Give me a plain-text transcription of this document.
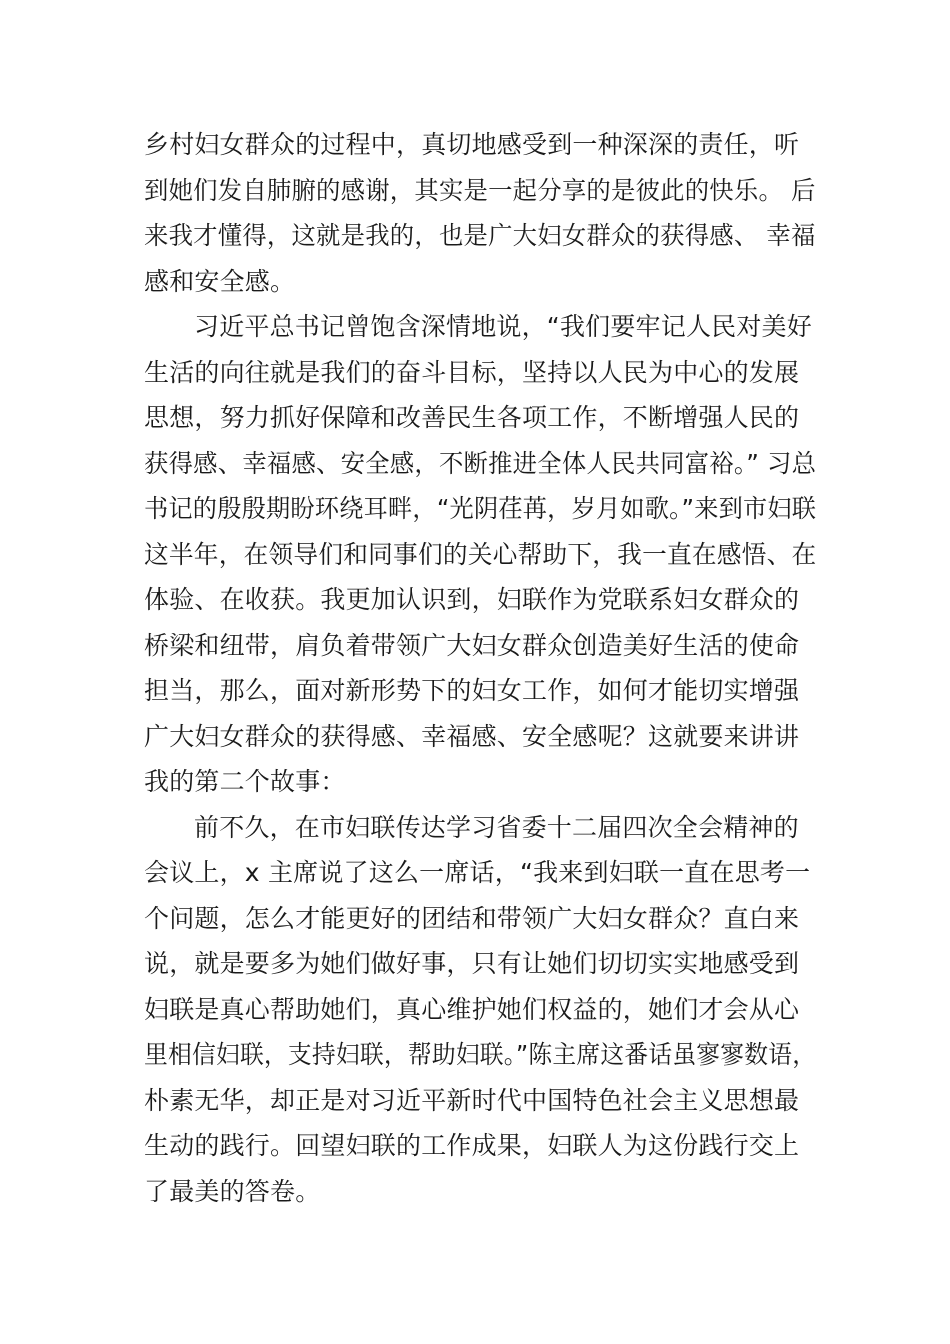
乡村妇女群众的过程中，真切地感受到一种深深的责任，听
到她们发自肺腑的感谢，其实是一起分享的是彼此的快乐。 后
来我才懂得，这就是我的，也是广大妇女群众的获得感、 幸福
感和安全感。
习近平总书记曾饱含深情地说，“我们要牢记人民对美好
生活的向往就是我们的奋斗目标，坚持以人民为中心的发展
思想，努力抓好保障和改善民生各项工作，不断增强人民的
获得感、幸福感、安全感，不断推进全体人民共同富裕。” 习总
书记的殷殷期盼环绕耳畔，“光阴荏苒，岁月如歌。”来到市妇联
这半年，在领导们和同事们的关心帮助下，我一直在感悟、在
体验、在收获。我更加认识到，妇联作为党联系妇女群众的
桥梁和纽带，肩负着带领广大妇女群众创造美好生活的使命
担当，那么，面对新形势下的妇女工作，如何才能切实增强
广大妇女群众的获得感、幸福感、安全感呢？这就要来讲讲
我的第二个故事：
前不久，在市妇联传达学习省委十二届四次全会精神的
会议上，x 主席说了这么一席话，“我来到妇联一直在思考一
个问题，怎么才能更好的团结和带领广大妇女群众？直白来
说，就是要多为她们做好事，只有让她们切切实实地感受到
妇联是真心帮助她们，真心维护她们权益的，她们才会从心
里相信妇联，支持妇联，帮助妇联。”陈主席这番话虽寥寥数语，
朴素无华，却正是对习近平新时代中国特色社会主义思想最
生动的践行。回望妇联的工作成果，妇联人为这份践行交上
了最美的答卷。
